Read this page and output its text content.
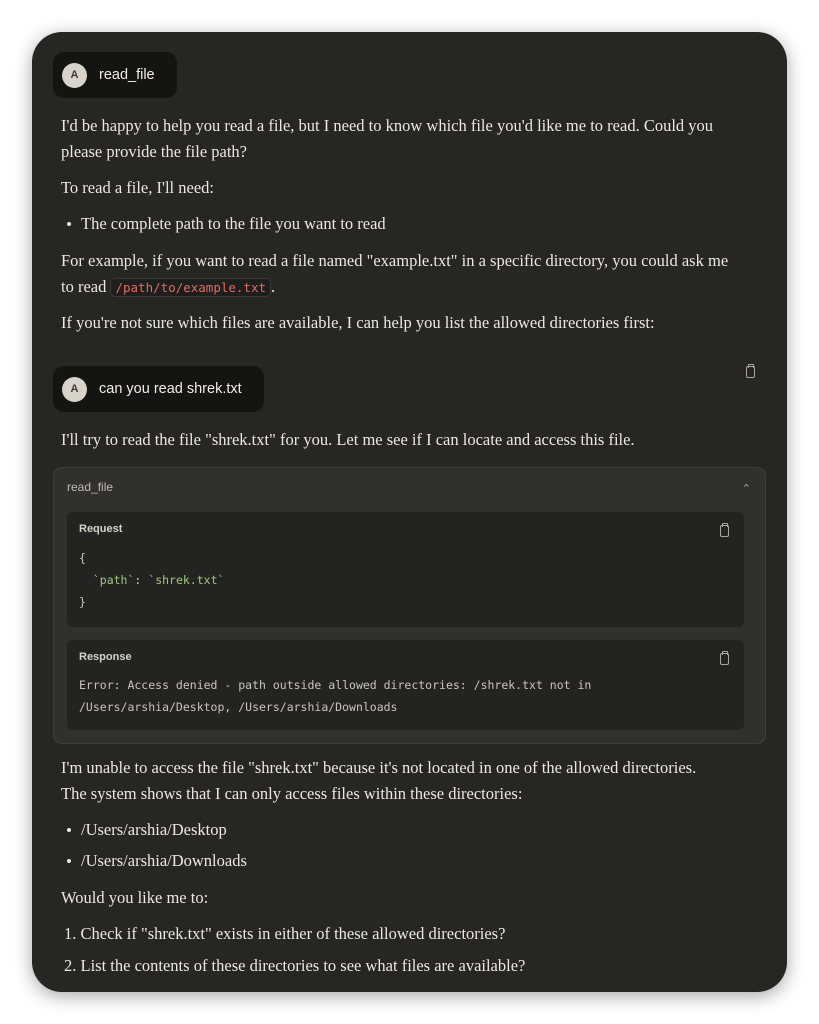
A	read_file
I'd be happy to help you read a file, but I need to know which file you'd like me to read. Could you please provide the file path?
To read a file, I'll need:
The complete path to the file you want to read
For example, if you want to read a file named "example.txt" in a specific directory, you could ask me to read /path/to/example.txt .
If you're not sure which files are available, I can help you list the allowed directories first:
A	can you read shrek.txt
I'll try to read the file "shrek.txt" for you. Let me see if I can locate and access this file.
read_file	⌃
Request
{
`path`: `shrek.txt`
}
Response
Error: Access denied - path outside allowed directories: /shrek.txt not in
/Users/arshia/Desktop, /Users/arshia/Downloads
I'm unable to access the file "shrek.txt" because it's not located in one of the allowed directories. The system shows that I can only access files within these directories:
/Users/arshia/Desktop
/Users/arshia/Downloads
Would you like me to:
1. Check if "shrek.txt" exists in either of these allowed directories?
2. List the contents of these directories to see what files are available?
